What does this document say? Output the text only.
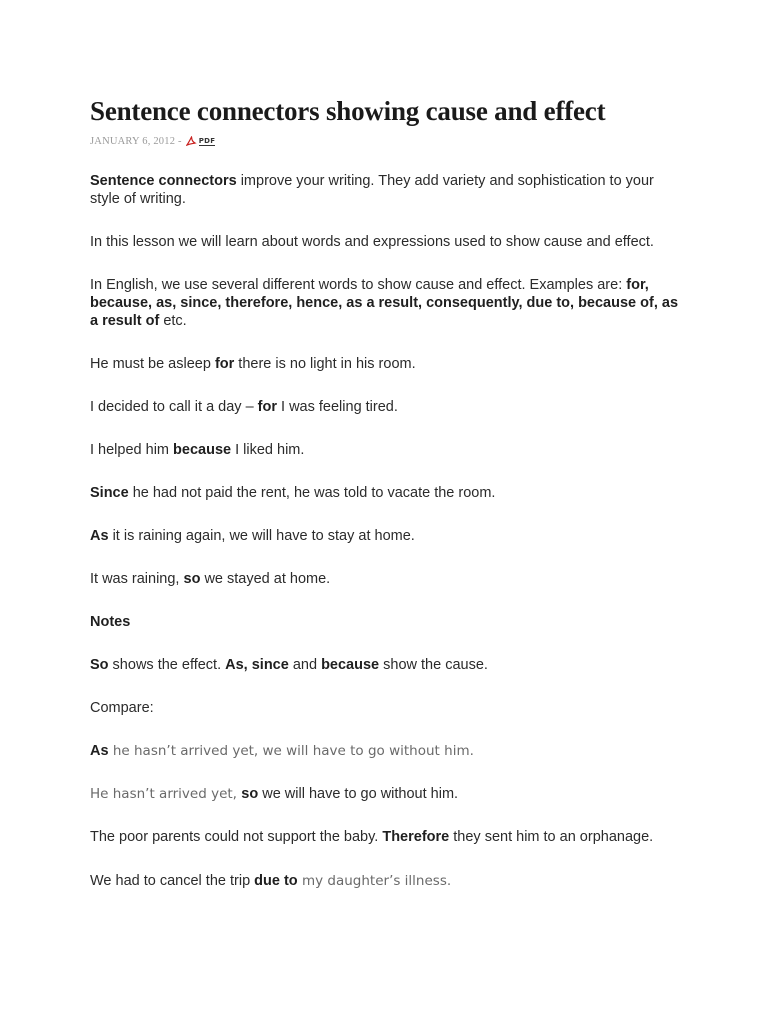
Sentence connectors showing cause and effect
JANUARY 6, 2012 - PDF

Sentence connectors improve your writing. They add variety and sophistication to your style of writing.

In this lesson we will learn about words and expressions used to show cause and effect.

In English, we use several different words to show cause and effect. Examples are: for, because, as, since, therefore, hence, as a result, consequently, due to, because of, as a result of etc.

He must be asleep for there is no light in his room.

I decided to call it a day – for I was feeling tired.

I helped him because I liked him.

Since he had not paid the rent, he was told to vacate the room.

As it is raining again, we will have to stay at home.

It was raining, so we stayed at home.

Notes

So shows the effect. As, since and because show the cause.

Compare:

As he hasn’t arrived yet, we will have to go without him.

He hasn’t arrived yet, so we will have to go without him.

The poor parents could not support the baby. Therefore they sent him to an orphanage.

We had to cancel the trip due to my daughter’s illness.
